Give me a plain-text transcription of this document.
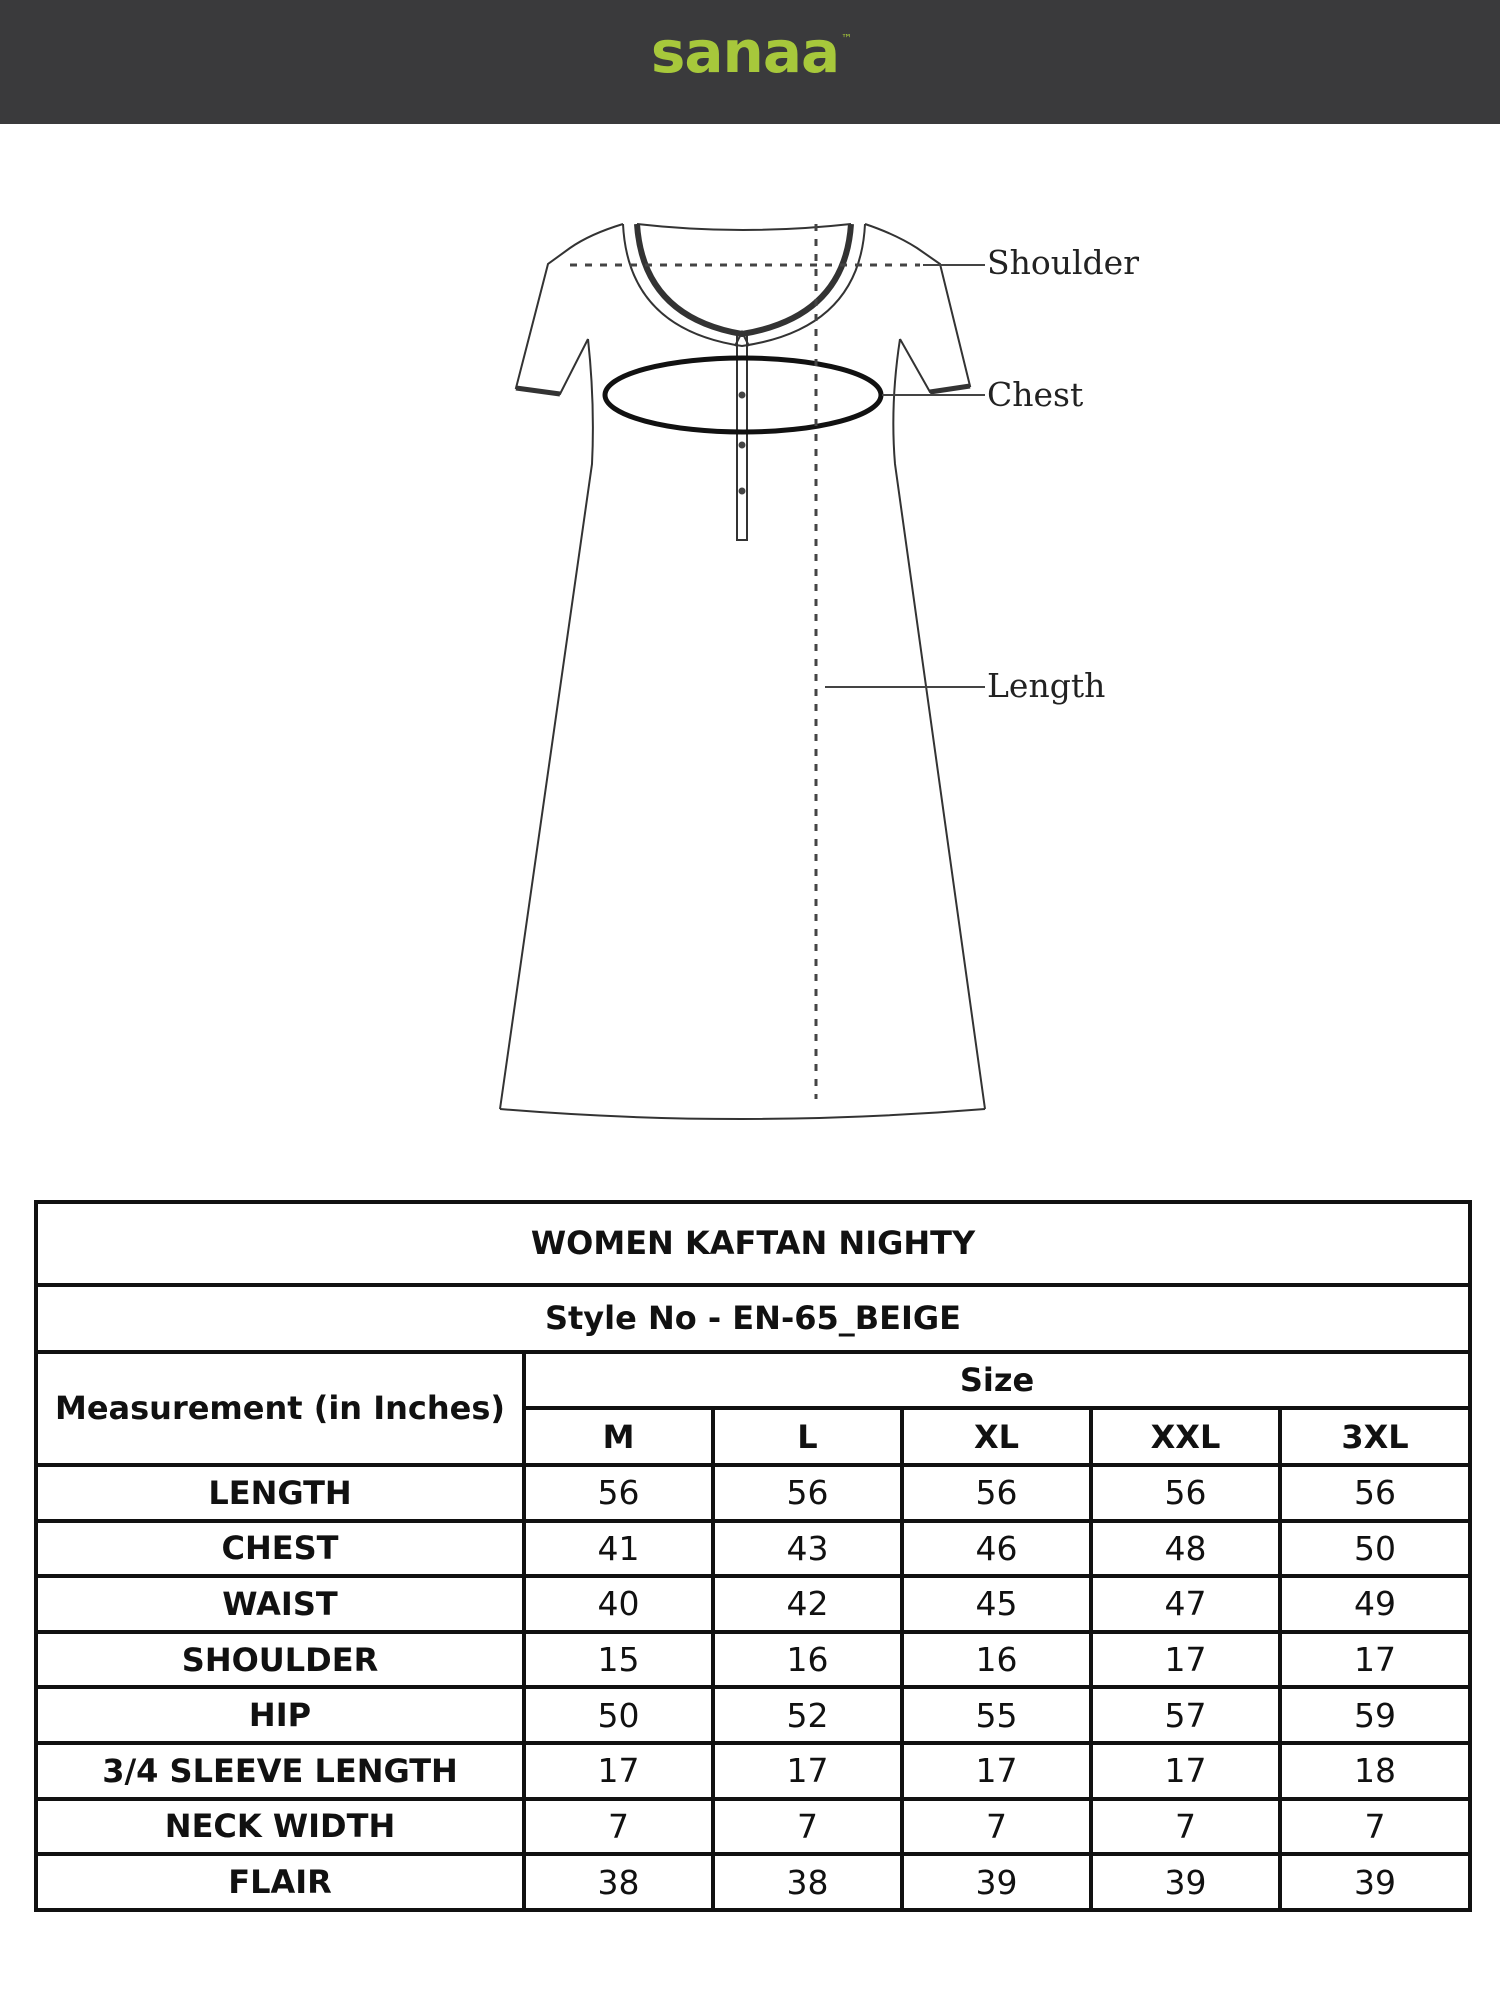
sanaa ™
Shoulder
Chest
Length
WOMEN KAFTAN NIGHTY					
Style No - EN-65_BEIGE					
Measurement (in Inches)	Size				
	M	L	XL	XXL	3XL
LENGTH	56	56	56	56	56
CHEST	41	43	46	48	50
WAIST	40	42	45	47	49
SHOULDER	15	16	16	17	17
HIP	50	52	55	57	59
3/4 SLEEVE LENGTH	17	17	17	17	18
NECK WIDTH	7	7	7	7	7
FLAIR	38	38	39	39	39
